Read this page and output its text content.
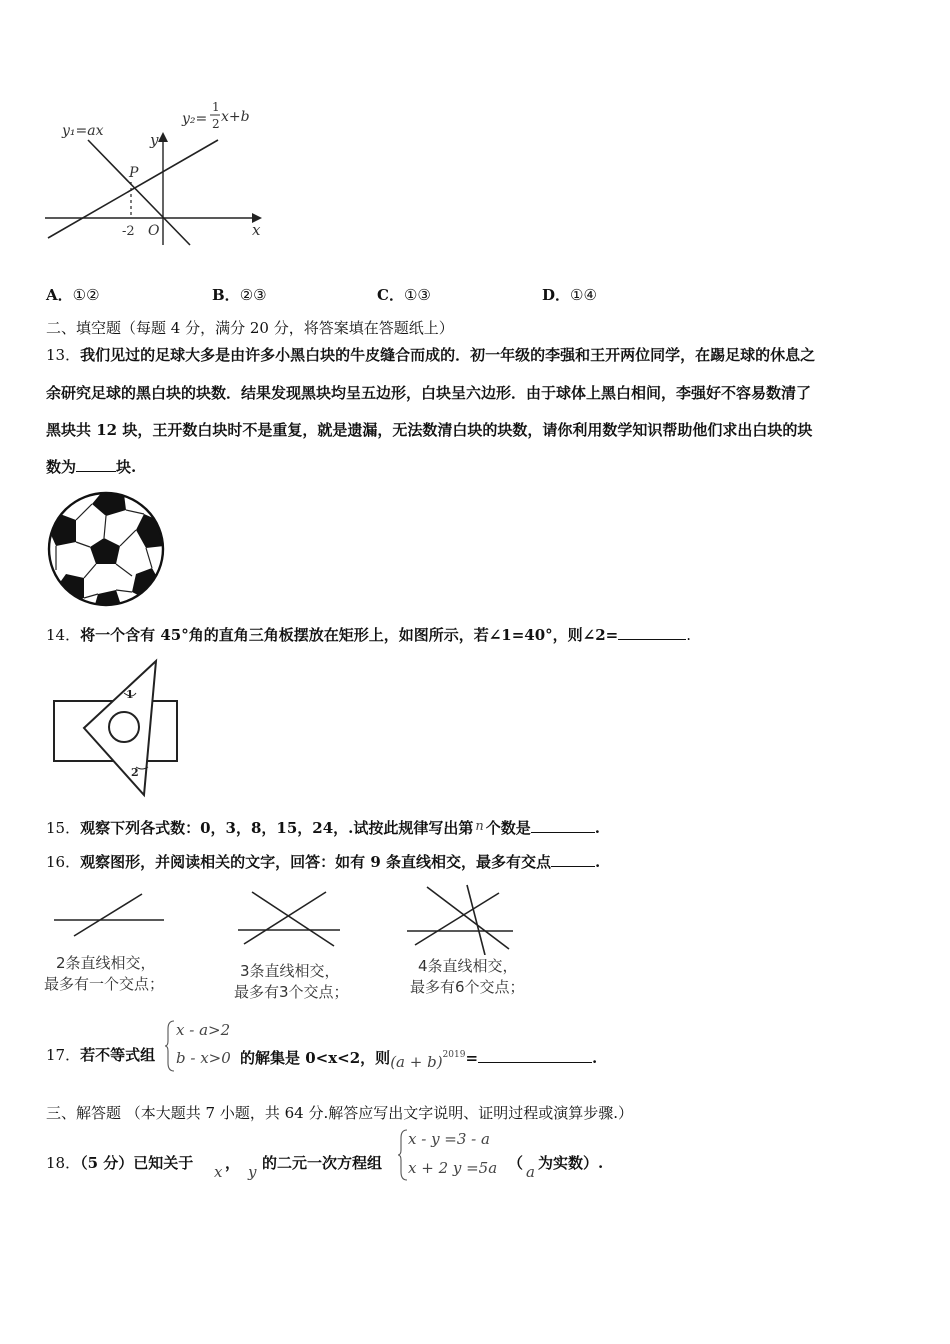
y₁=ax
y₂=
1
2 x+b
y
x
P
-2 O
A．①②	B．②③	C．①③	D．①④
二、填空题（每题 4 分，满分 20 分，将答案填在答题纸上）
13．我们见过的足球大多是由许多小黑白块的牛皮缝合而成的．初一年级的李强和王开两位同学，在踢足球的休息之
余研究足球的黑白块的块数．结果发现黑块均呈五边形，白块呈六边形．由于球体上黑白相间，李强好不容易数清了
黑块共 12 块，王开数白块时不是重复，就是遗漏，无法数清白块的块数，请你利用数学知识帮助他们求出白块的块
数为	块.
14．将一个含有 45°角的直角三角板摆放在矩形上，如图所示，若∠1=40°，则∠2=	.
1
2
15．观察下列各式数：0，3，8，15，24，.试按此规律写出第 n 个数是	.
16．观察图形，并阅读相关的文字，回答：如有 9 条直线相交，最多有交点	.
2条直线相交，
最多有一个交点；
3条直线相交，
最多有3个交点；
4条直线相交，
最多有6个交点；
17．若不等式组
x - a>2
b - x>0 的解集是 0<x<2，则$(a + b)^{2019}=$	.
三、解答题 （本大题共 7 小题，共 64 分.解答应写出文字说明、证明过程或演算步骤.）
18．（5 分）已知关于 x ， y 的二元一次方程组
x - y =3 - a
x + 2 y =5a （ a 为实数）.
